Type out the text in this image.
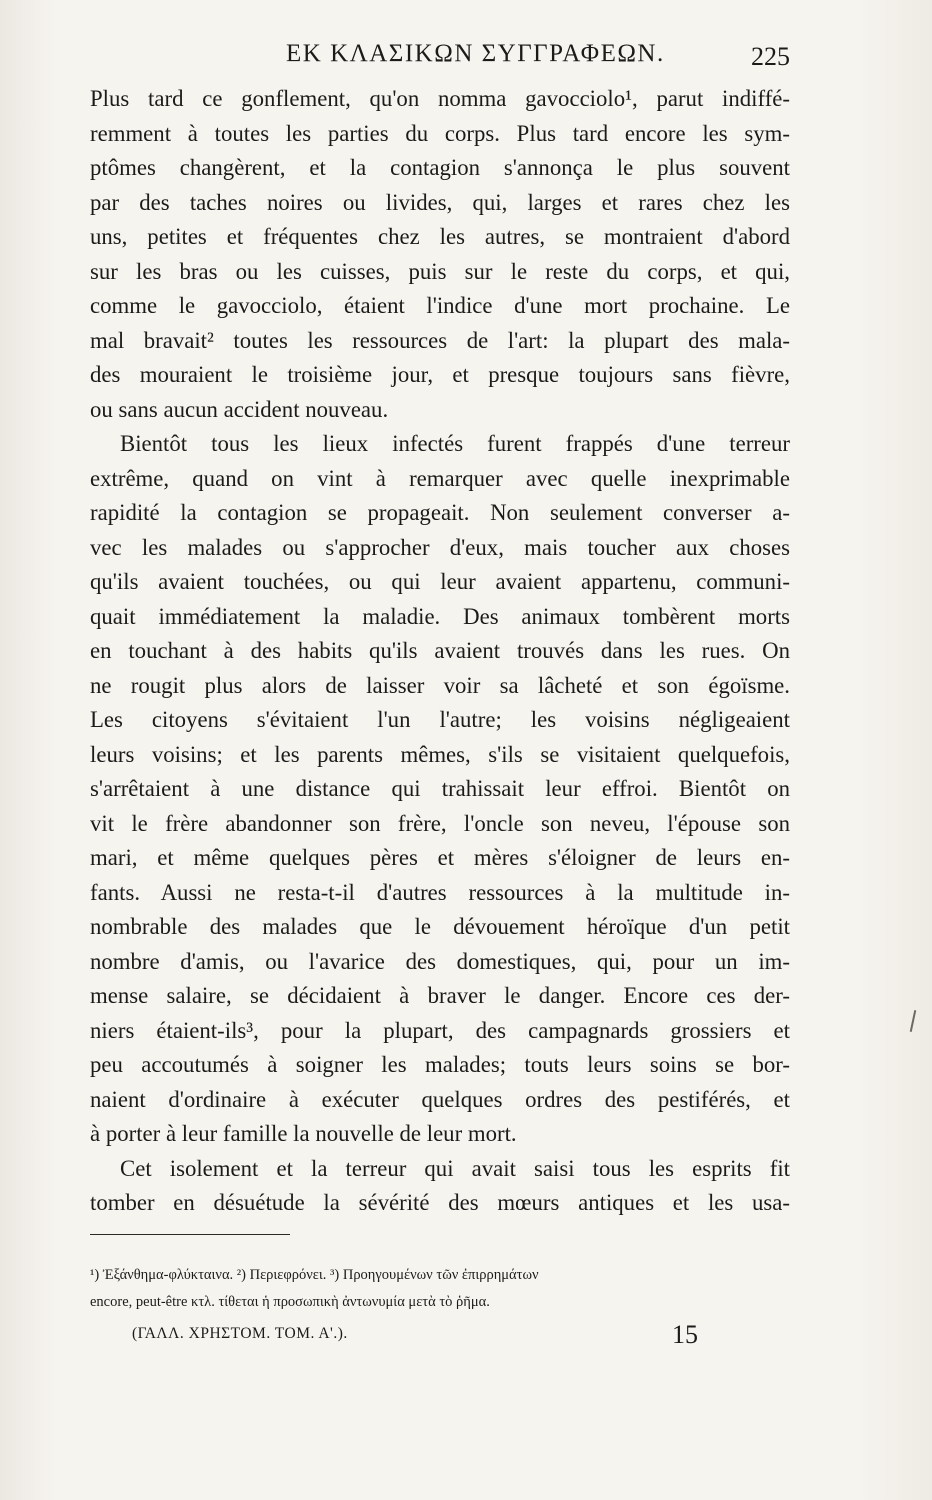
ΕΚ ΚΛΑΣΙΚΩΝ ΣΥΓΓΡΑΦΕΩΝ.	225

Plus tard ce gonflement, qu'on nomma gavocciolo¹, parut indiffé-
remment à toutes les parties du corps. Plus tard encore les sym-
ptômes changèrent, et la contagion s'annonça le plus souvent
par des taches noires ou livides, qui, larges et rares chez les
uns, petites et fréquentes chez les autres, se montraient d'abord
sur les bras ou les cuisses, puis sur le reste du corps, et qui,
comme le gavocciolo, étaient l'indice d'une mort prochaine. Le
mal bravait² toutes les ressources de l'art: la plupart des mala-
des mouraient le troisième jour, et presque toujours sans fièvre,
ou sans aucun accident nouveau.

Bientôt tous les lieux infectés furent frappés d'une terreur
extrême, quand on vint à remarquer avec quelle inexprimable
rapidité la contagion se propageait. Non seulement converser a-
vec les malades ou s'approcher d'eux, mais toucher aux choses
qu'ils avaient touchées, ou qui leur avaient appartenu, communi-
quait immédiatement la maladie. Des animaux tombèrent morts
en touchant à des habits qu'ils avaient trouvés dans les rues. On
ne rougit plus alors de laisser voir sa lâcheté et son égoïsme.
Les citoyens s'évitaient l'un l'autre; les voisins négligeaient
leurs voisins; et les parents mêmes, s'ils se visitaient quelquefois,
s'arrêtaient à une distance qui trahissait leur effroi. Bientôt on
vit le frère abandonner son frère, l'oncle son neveu, l'épouse son
mari, et même quelques pères et mères s'éloigner de leurs en-
fants. Aussi ne resta-t-il d'autres ressources à la multitude in-
nombrable des malades que le dévouement héroïque d'un petit
nombre d'amis, ou l'avarice des domestiques, qui, pour un im-
mense salaire, se décidaient à braver le danger. Encore ces der-
niers étaient-ils³, pour la plupart, des campagnards grossiers et
peu accoutumés à soigner les malades; touts leurs soins se bor-
naient d'ordinaire à exécuter quelques ordres des pestiférés, et
à porter à leur famille la nouvelle de leur mort.

Cet isolement et la terreur qui avait saisi tous les esprits fit
tomber en désuétude la sévérité des mœurs antiques et les usa-

¹) Ἐξάνθημα-φλύκταινα. ²) Περιεφρόνει. ³) Προηγουμένων τῶν ἐπιρρημάτων
encore, peut-être κτλ. τίθεται ἡ προσωπικὴ ἀντωνυμία μετὰ τὸ ῥῆμα.
(ΓΑΛΛ. ΧΡΗΣΤΟΜ. ΤΟΜ. Α'.).	15
